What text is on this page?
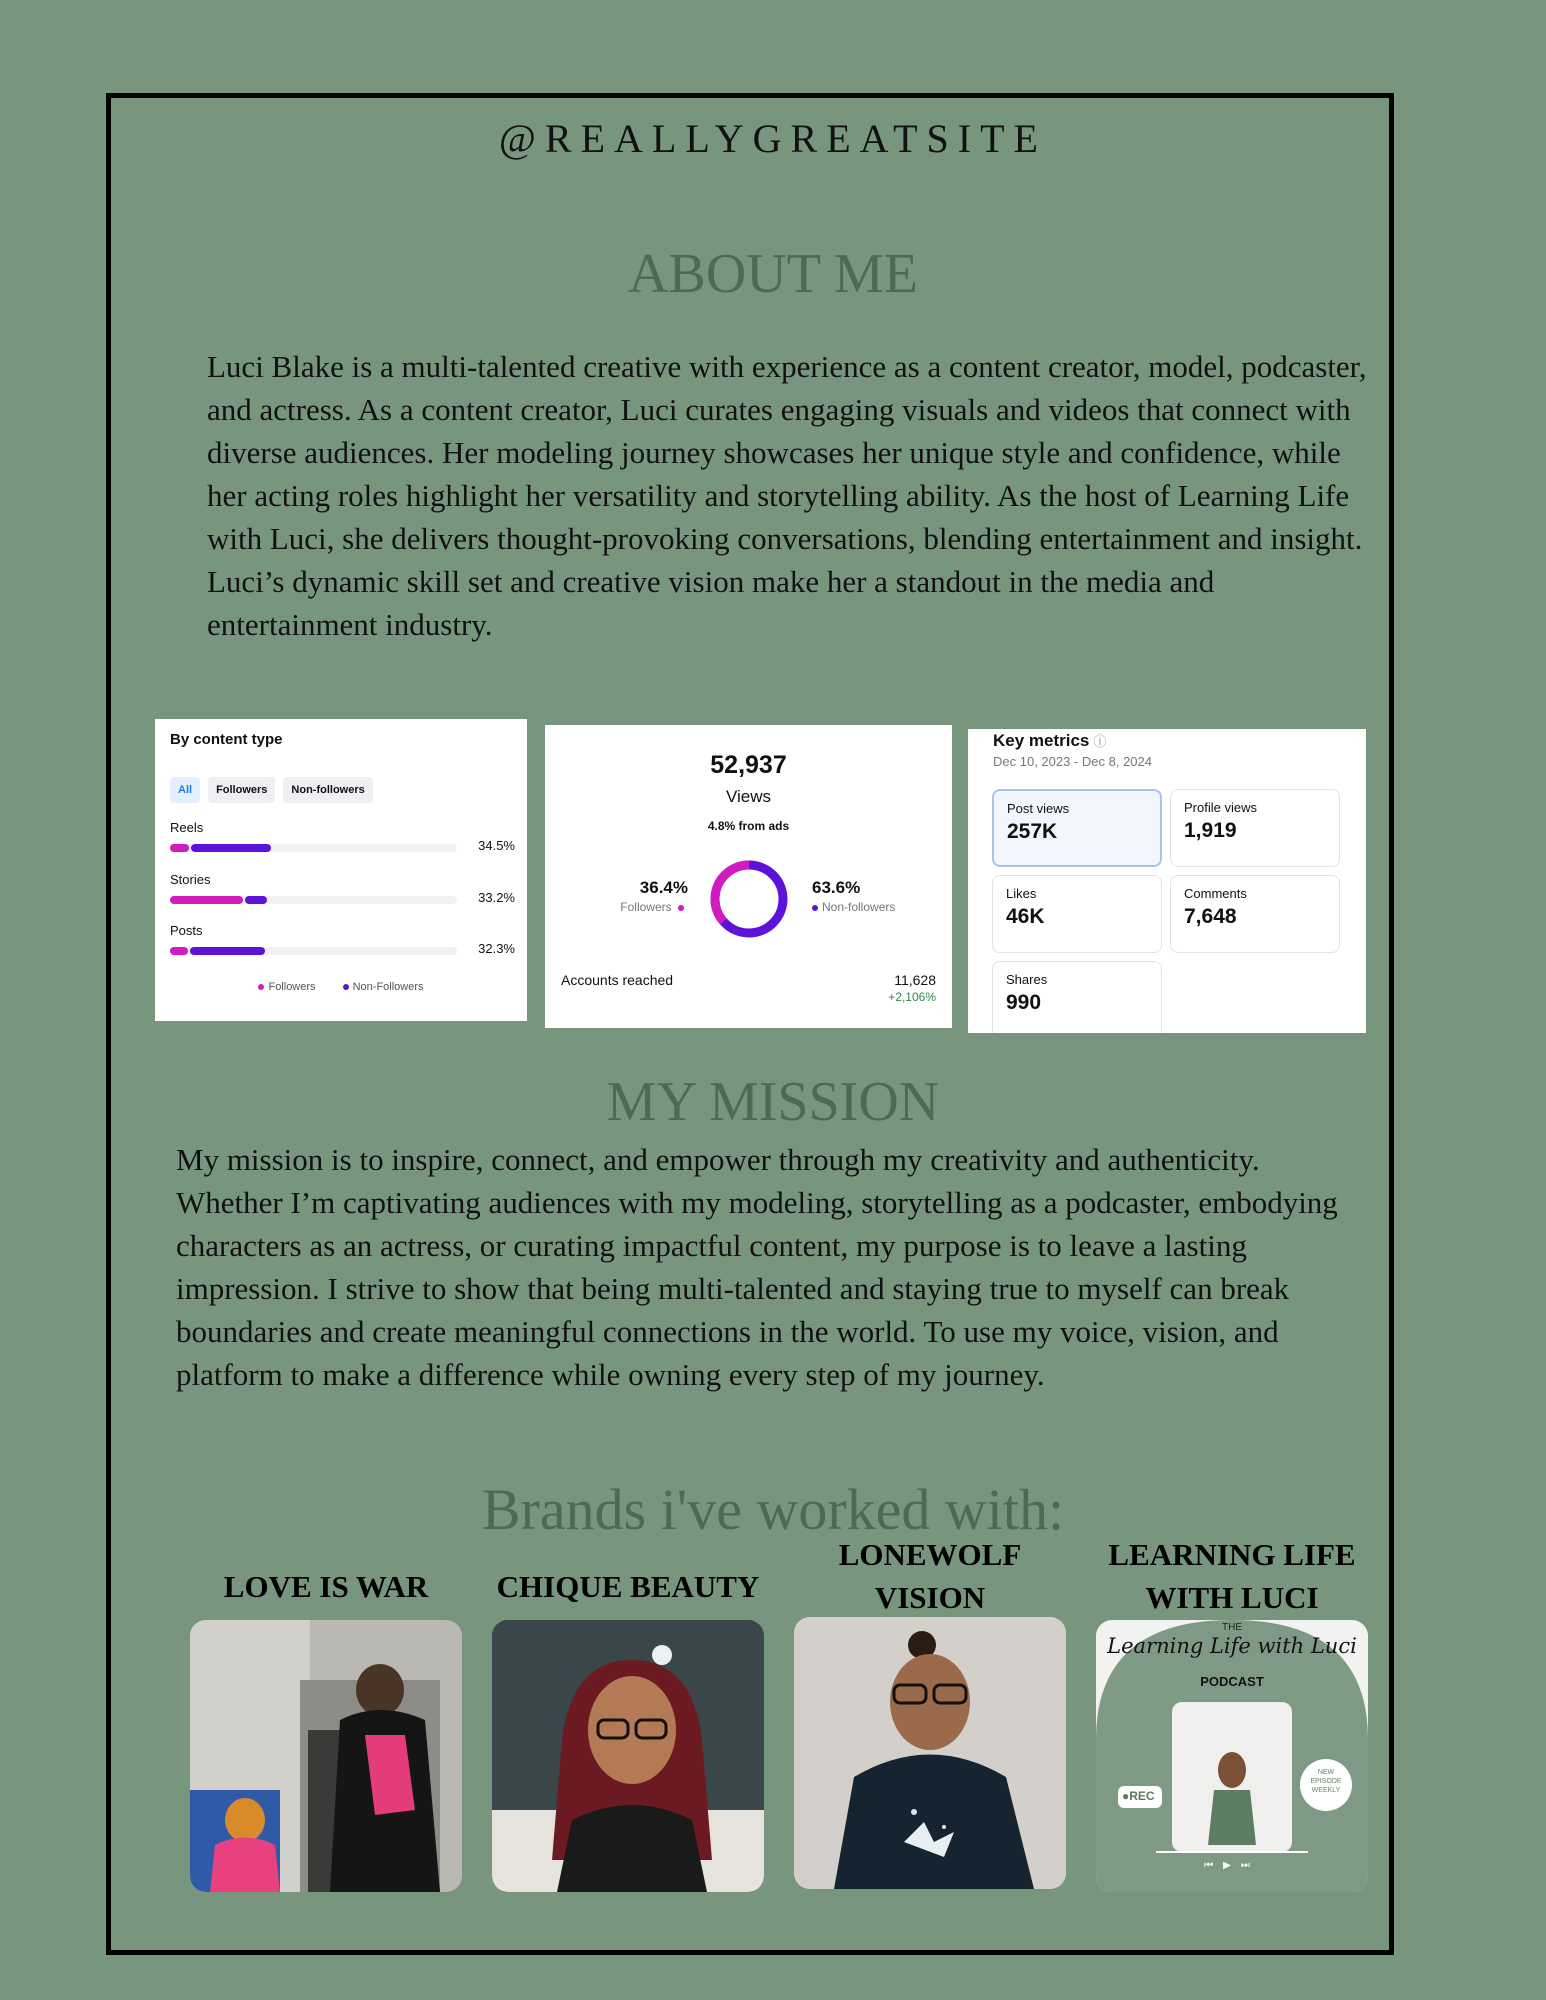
@REALLYGREATSITE
ABOUT ME
Luci Blake is a multi-talented creative with experience as a content creator, model, podcaster, and actress. As a content creator, Luci curates engaging visuals and videos that connect with diverse audiences. Her modeling journey showcases her unique style and confidence, while her acting roles highlight her versatility and storytelling ability. As the host of Learning Life with Luci, she delivers thought-provoking conversations, blending entertainment and insight. Luci’s dynamic skill set and creative vision make her a standout in the media and entertainment industry.
By content type
All	Followers	Non-followers
Reels
34.5%
Stories
33.2%
Posts
32.3%
Followers	Non-Followers
52,937
Views
4.8% from ads
36.4%
Followers
63.6%
Non-followers
Accounts reached	11,628
+2,106%
Key metrics ⓘ
Dec 10, 2023 - Dec 8, 2024
Post views
257K
Profile views
1,919
Likes
46K
Comments
7,648
Shares
990
MY MISSION
My mission is to inspire, connect, and empower through my creativity and authenticity. Whether I’m captivating audiences with my modeling, storytelling as a podcaster, embodying characters as an actress, or curating impactful content, my purpose is to leave a lasting impression. I strive to show that being multi-talented and staying true to myself can break boundaries and create meaningful connections in the world. To use my voice, vision, and platform to make a difference while owning every step of my journey.
Brands i've worked with:
LOVE IS WAR	CHIQUE BEAUTY
LONEWOLF VISION
LEARNING LIFE WITH LUCI
THE
Learning Life with Luci
PODCAST
●REC
NEW EPISODE WEEKLY
⏮▶⏭
